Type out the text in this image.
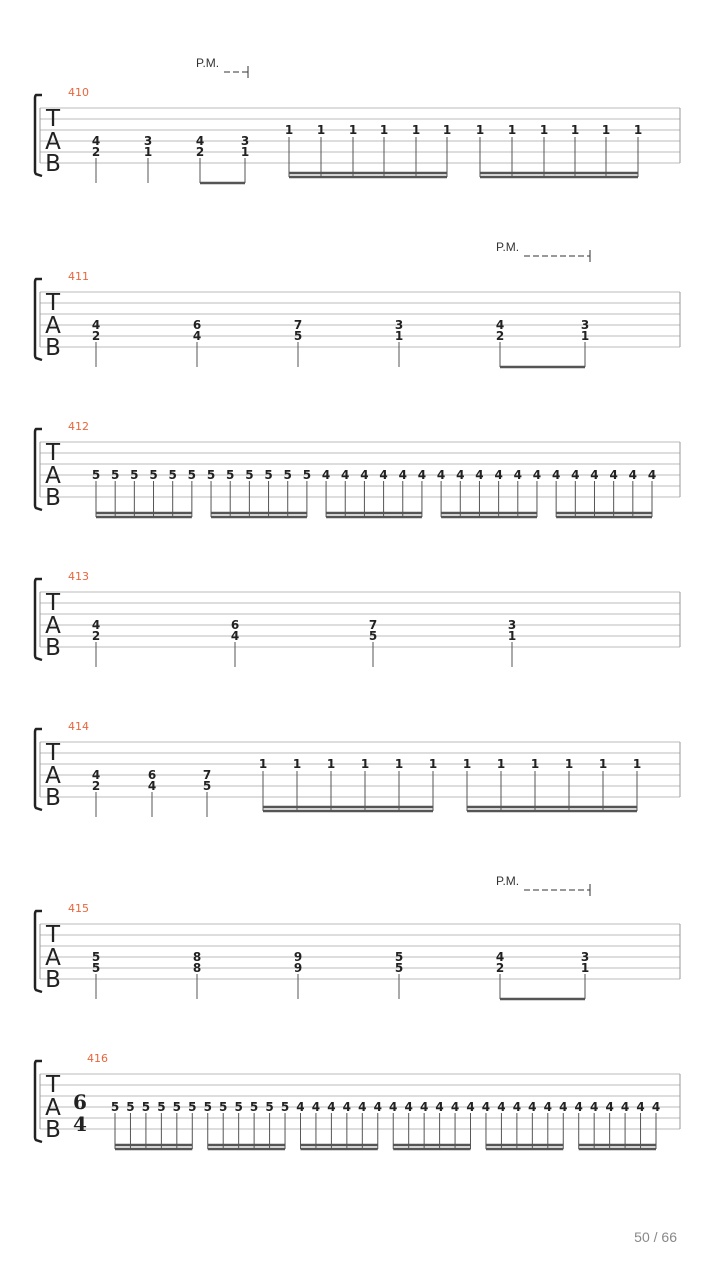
T
A
B
410
4
2
3
1
4
2
3
1
1 1 1 1 1 1 1 1 1 1 1 1
P.M.
T
A
B
411
4
2
6
4
7
5
3
1
4
2
3
1
P.M.
T
A
B
412
5 5 5 5 5 5 5 5 5 5 5 5 4 4 4 4 4 4 4 4 4 4 4 4 4 4 4 4 4 4
T
A
B
413
4
2
6
4
7
5
3
1
T
A
B
414
4
2
6
4
7
5
1 1 1 1 1 1 1 1 1 1 1 1
T
A
B
415
5
5
8
8
9
9
5
5
4
2
3
1
P.M.
T
A
B
416
6
4
5 5 5 5 5 5 5 5 5 5 5 5 4 4 4 4 4 4 4 4 4 4 4 4 4 4 4 4 4 4 4 4 4 4 4 4
50 / 66
